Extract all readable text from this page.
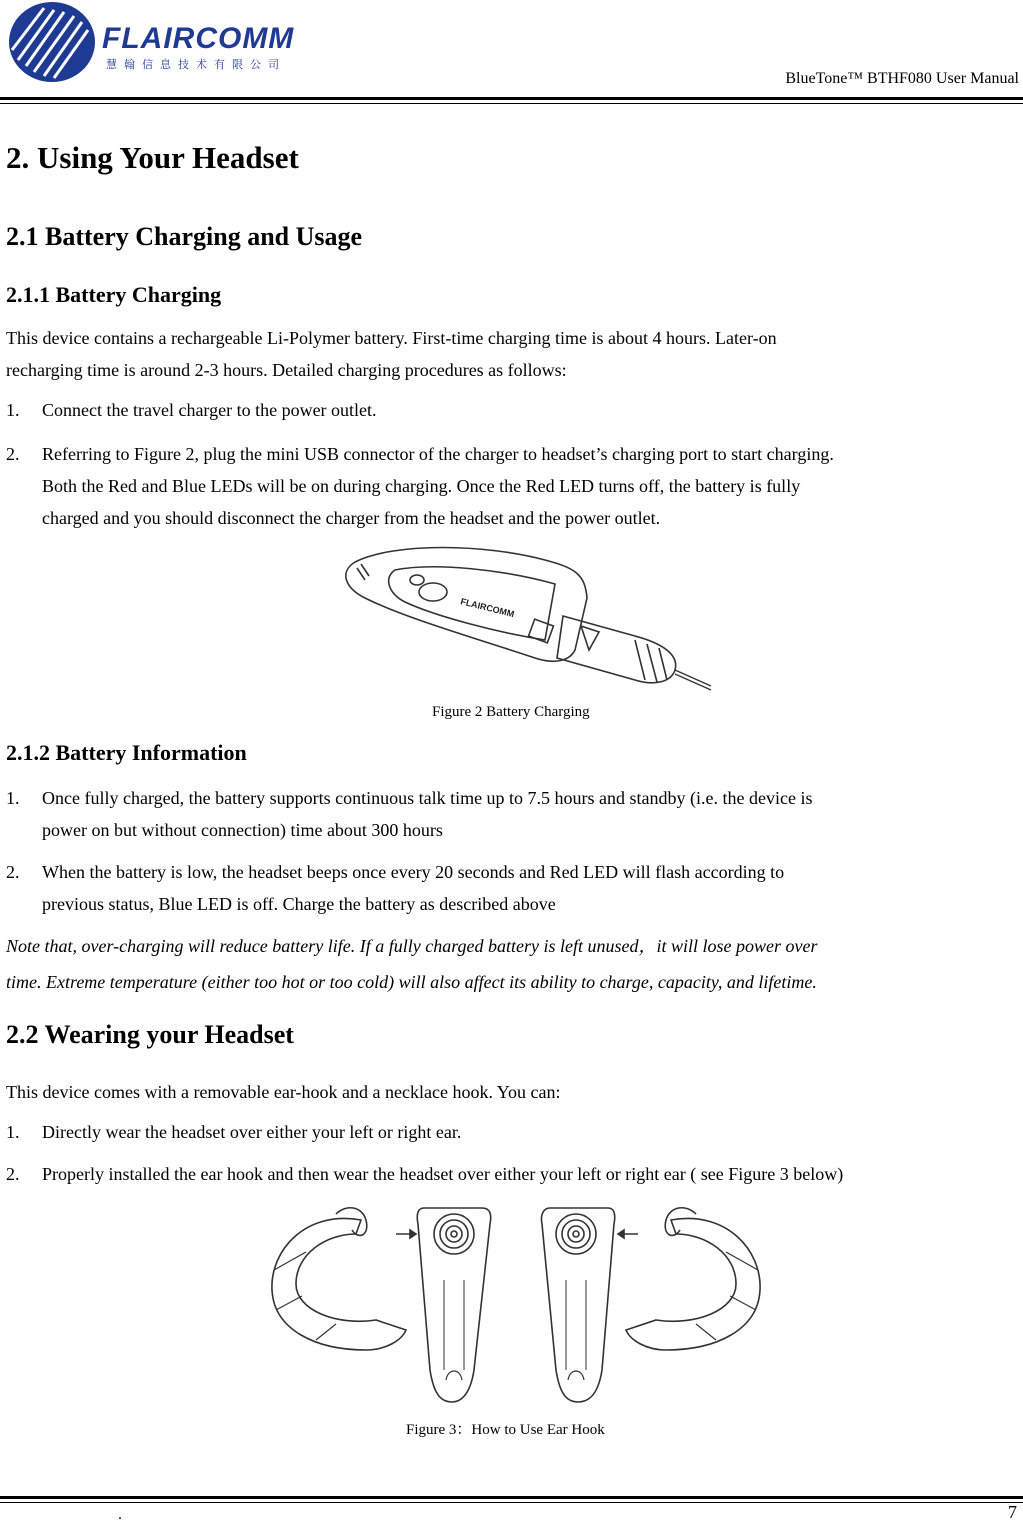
FLAIRCOMM
慧翰信息技术有限公司
BlueTone™ BTHF080 User Manual
2. Using Your Headset
2.1 Battery Charging and Usage
2.1.1 Battery Charging
This device contains a rechargeable Li-Polymer battery. First-time charging time is about 4 hours. Later-on
recharging time is around 2-3 hours. Detailed charging procedures as follows:
1. Connect the travel charger to the power outlet.
2. Referring to Figure 2, plug the mini USB connector of the charger to headset’s charging port to start charging.
Both the Red and Blue LEDs will be on during charging. Once the Red LED turns off, the battery is fully
charged and you should disconnect the charger from the headset and the power outlet.
FLAIRCOMM
Figure 2 Battery Charging
2.1.2 Battery Information
1. Once fully charged, the battery supports continuous talk time up to 7.5 hours and standby (i.e. the device is
power on but without connection) time about 300 hours
2. When the battery is low, the headset beeps once every 20 seconds and Red LED will flash according to
previous status, Blue LED is off. Charge the battery as described above
Note that, over-charging will reduce battery life. If a fully charged battery is left unused，it will lose power over
time. Extreme temperature (either too hot or too cold) will also affect its ability to charge, capacity, and lifetime.
2.2 Wearing your Headset
This device comes with a removable ear-hook and a necklace hook. You can:
1. Directly wear the headset over either your left or right ear.
2. Properly installed the ear hook and then wear the headset over either your left or right ear ( see Figure 3 below)
Figure 3：How to Use Ear Hook
.	7
